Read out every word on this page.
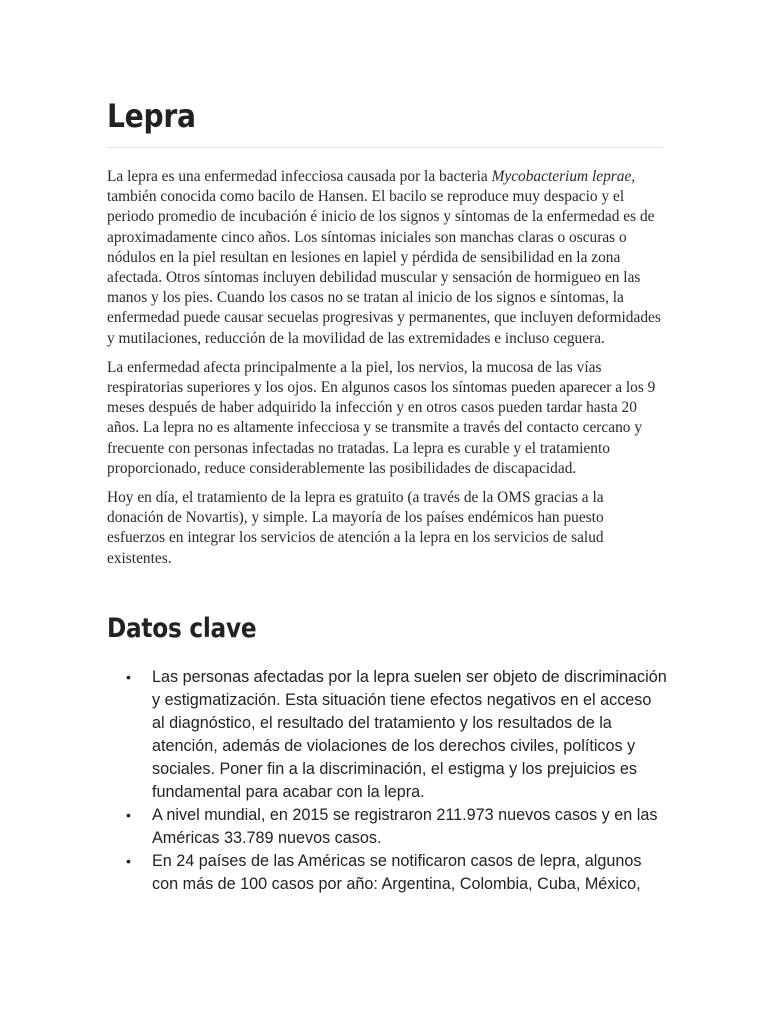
Lepra

La lepra es una enfermedad infecciosa causada por la bacteria Mycobacterium leprae, también conocida como bacilo de Hansen. El bacilo se reproduce muy despacio y el periodo promedio de incubación é inicio de los signos y síntomas de la enfermedad es de aproximadamente cinco años. Los síntomas iniciales son manchas claras o oscuras o nódulos en la piel resultan en lesiones en lapiel y pérdida de sensibilidad en la zona afectada. Otros síntomas incluyen debilidad muscular y sensación de hormigueo en las manos y los pies. Cuando los casos no se tratan al inicio de los signos e síntomas, la enfermedad puede causar secuelas progresivas y permanentes, que incluyen deformidades y mutilaciones, reducción de la movilidad de las extremidades e incluso ceguera.

La enfermedad afecta principalmente a la piel, los nervios, la mucosa de las vías respiratorias superiores y los ojos. En algunos casos los síntomas pueden aparecer a los 9 meses después de haber adquirido la infección y en otros casos pueden tardar hasta 20 años. La lepra no es altamente infecciosa y se transmite a través del contacto cercano y frecuente con personas infectadas no tratadas. La lepra es curable y el tratamiento proporcionado, reduce considerablemente las posibilidades de discapacidad.

Hoy en día, el tratamiento de la lepra es gratuito (a través de la OMS gracias a la donación de Novartis), y simple. La mayoría de los países endémicos han puesto esfuerzos en integrar los servicios de atención a la lepra en los servicios de salud existentes.

Datos clave
• Las personas afectadas por la lepra suelen ser objeto de discriminación y estigmatización. Esta situación tiene efectos negativos en el acceso al diagnóstico, el resultado del tratamiento y los resultados de la atención, además de violaciones de los derechos civiles, políticos y sociales. Poner fin a la discriminación, el estigma y los prejuicios es fundamental para acabar con la lepra.
• A nivel mundial, en 2015 se registraron 211.973 nuevos casos y en las Américas 33.789 nuevos casos.
• En 24 países de las Américas se notificaron casos de lepra, algunos con más de 100 casos por año: Argentina, Colombia, Cuba, México,
